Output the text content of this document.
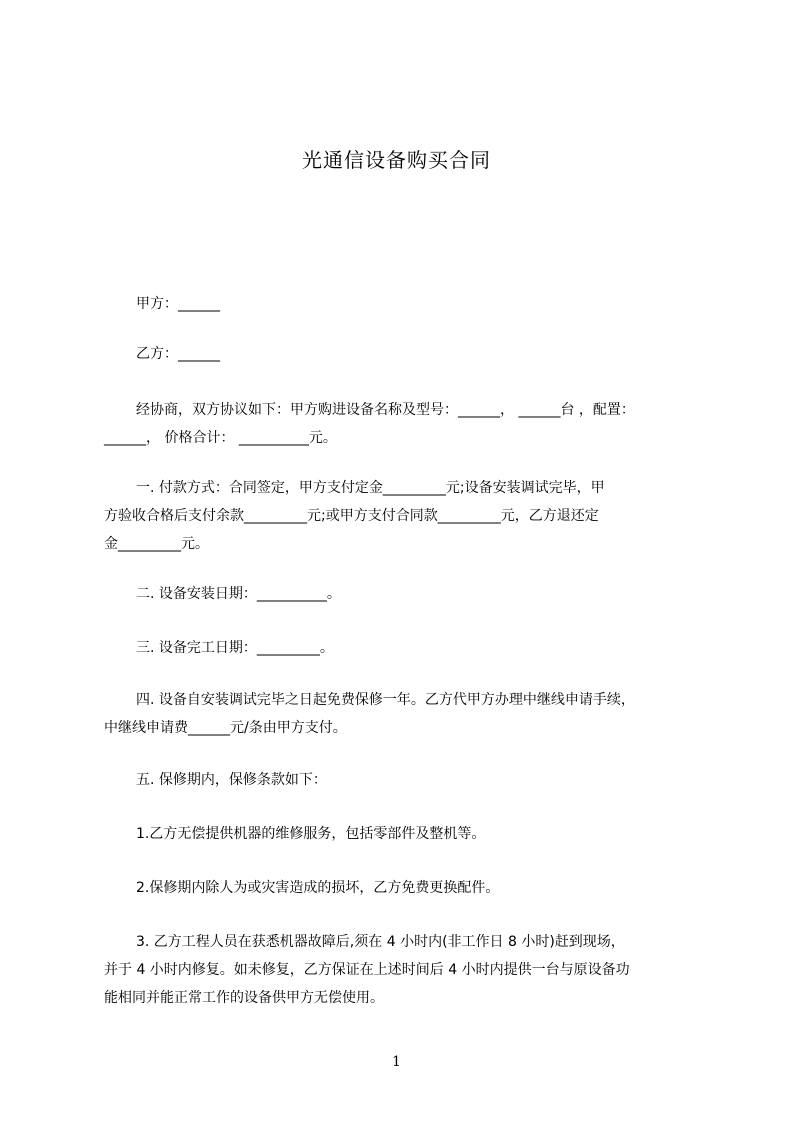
光通信设备购买合同

甲方：______

乙方：______

经协商，双方协议如下：甲方购进设备名称及型号：______， ______台 ，配置：
______， 价格合计： __________元。
一. 付款方式：合同签定，甲方支付定金_________元;设备安装调试完毕，甲
方验收合格后支付余款_________元;或甲方支付合同款_________元，乙方退还定
金_________元。

二. 设备安装日期：__________。

三. 设备完工日期：_________。

四. 设备自安装调试完毕之日起免费保修一年。乙方代甲方办理中继线申请手续，
中继线申请费______元/条由甲方支付。

五. 保修期内，保修条款如下：

1.乙方无偿提供机器的维修服务，包括零部件及整机等。

2.保修期内除人为或灾害造成的损坏，乙方免费更换配件。

3. 乙方工程人员在获悉机器故障后,须在 4 小时内(非工作日 8 小时)赶到现场，
并于 4 小时内修复。如未修复，乙方保证在上述时间后 4 小时内提供一台与原设备功
能相同并能正常工作的设备供甲方无偿使用。
1
